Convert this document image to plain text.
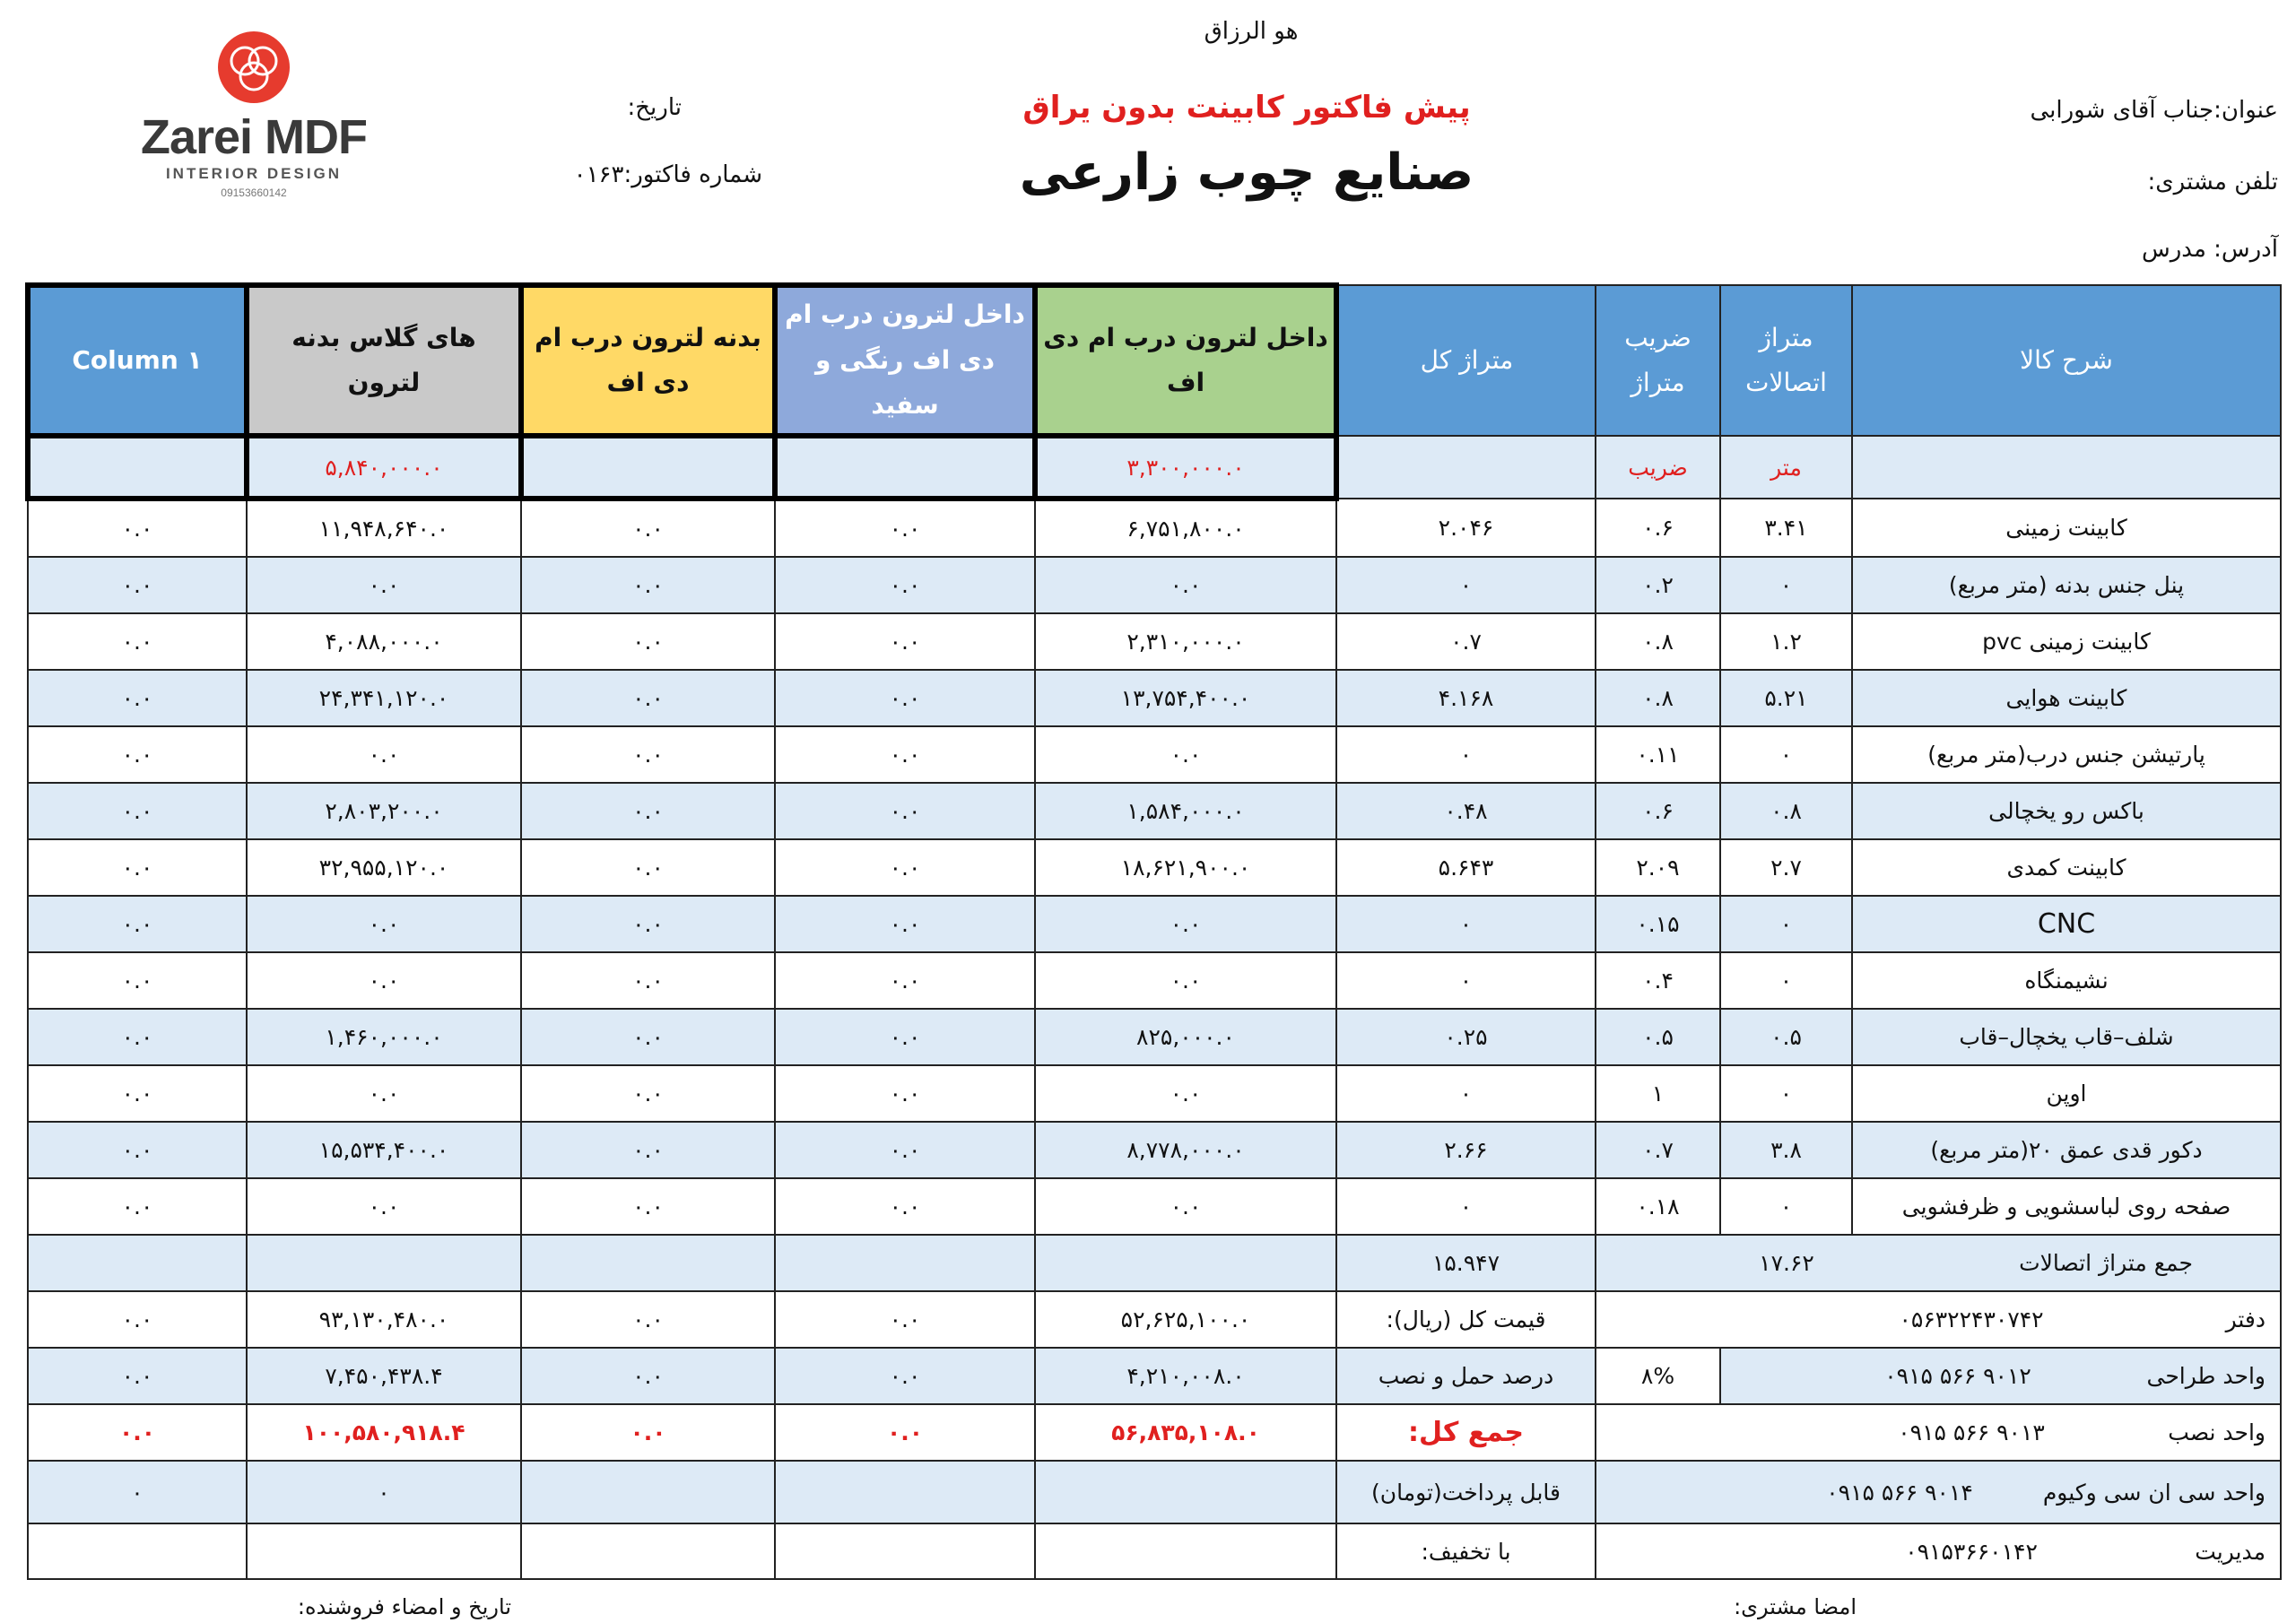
هو الرزاق
Zarei MDF
INTERIOR DESIGN
09153660142
پیش فاکتور کابینت بدون یراق
صنایع چوب زارعی
تاریخ:
شماره فاکتور:۰۱۶۳
عنوان:جناب آقای شورابی
تلفن مشتری:
آدرس: مدرس
Column ۱	های گلاس بدنه لترون	بدنه لترون درب ام دی اف	داخل لترون درب ام دی اف رنگی و سفید	داخل لترون درب ام دی اف	متراژ کل	ضریب متراژ	متراژ اتصالات	شرح کالا
	۵,۸۴۰,۰۰۰.۰			۳,۳۰۰,۰۰۰.۰		ضریب	متر	
۰.۰	۱۱,۹۴۸,۶۴۰.۰	۰.۰	۰.۰	۶,۷۵۱,۸۰۰.۰	۲.۰۴۶	۰.۶	۳.۴۱	کابینت زمینی
۰.۰	۰.۰	۰.۰	۰.۰	۰.۰	۰	۰.۲	۰	پنل جنس بدنه (متر مربع)
۰.۰	۴,۰۸۸,۰۰۰.۰	۰.۰	۰.۰	۲,۳۱۰,۰۰۰.۰	۰.۷	۰.۸	۱.۲	کابینت زمینی pvc
۰.۰	۲۴,۳۴۱,۱۲۰.۰	۰.۰	۰.۰	۱۳,۷۵۴,۴۰۰.۰	۴.۱۶۸	۰.۸	۵.۲۱	کابینت هوایی
۰.۰	۰.۰	۰.۰	۰.۰	۰.۰	۰	۰.۱۱	۰	پارتیشن جنس درب(متر مربع)
۰.۰	۲,۸۰۳,۲۰۰.۰	۰.۰	۰.۰	۱,۵۸۴,۰۰۰.۰	۰.۴۸	۰.۶	۰.۸	باکس رو یخچالی
۰.۰	۳۲,۹۵۵,۱۲۰.۰	۰.۰	۰.۰	۱۸,۶۲۱,۹۰۰.۰	۵.۶۴۳	۲.۰۹	۲.۷	کابینت کمدی
۰.۰	۰.۰	۰.۰	۰.۰	۰.۰	۰	۰.۱۵	۰	CNC
۰.۰	۰.۰	۰.۰	۰.۰	۰.۰	۰	۰.۴	۰	نشیمنگاه
۰.۰	۱,۴۶۰,۰۰۰.۰	۰.۰	۰.۰	۸۲۵,۰۰۰.۰	۰.۲۵	۰.۵	۰.۵	شلف–قاب یخچال–قاب
۰.۰	۰.۰	۰.۰	۰.۰	۰.۰	۰	۱	۰	اوپن
۰.۰	۱۵,۵۳۴,۴۰۰.۰	۰.۰	۰.۰	۸,۷۷۸,۰۰۰.۰	۲.۶۶	۰.۷	۳.۸	دکور قدی عمق ۲۰(متر مربع)
۰.۰	۰.۰	۰.۰	۰.۰	۰.۰	۰	۰.۱۸	۰	صفحه روی لباسشویی و ظرفشویی
					۱۵.۹۴۷	جمع متراژ اتصالات ۱۷.۶۲		
۰.۰	۹۳,۱۳۰,۴۸۰.۰	۰.۰	۰.۰	۵۲,۶۲۵,۱۰۰.۰	قیمت کل (ریال):	دفتر ۰۵۶۳۲۲۴۳۰۷۴۲		
۰.۰	۷,۴۵۰,۴۳۸.۴	۰.۰	۰.۰	۴,۲۱۰,۰۰۸.۰	درصد حمل و نصب	۸%	واحد طراحی ۰۹۱۵ ۵۶۶ ۹۰۱۲	
۰.۰	۱۰۰,۵۸۰,۹۱۸.۴	۰.۰	۰.۰	۵۶,۸۳۵,۱۰۸.۰	جمع کل:	واحد نصب ۰۹۱۵ ۵۶۶ ۹۰۱۳		
۰	۰				قابل پرداخت(تومان)	واحد سی ان سی وکیوم ۰۹۱۵ ۵۶۶ ۹۰۱۴		
					با تخفیف:	مدیریت ۰۹۱۵۳۶۶۰۱۴۲		
امضا مشتری:
تاریخ و امضاء فروشنده:
